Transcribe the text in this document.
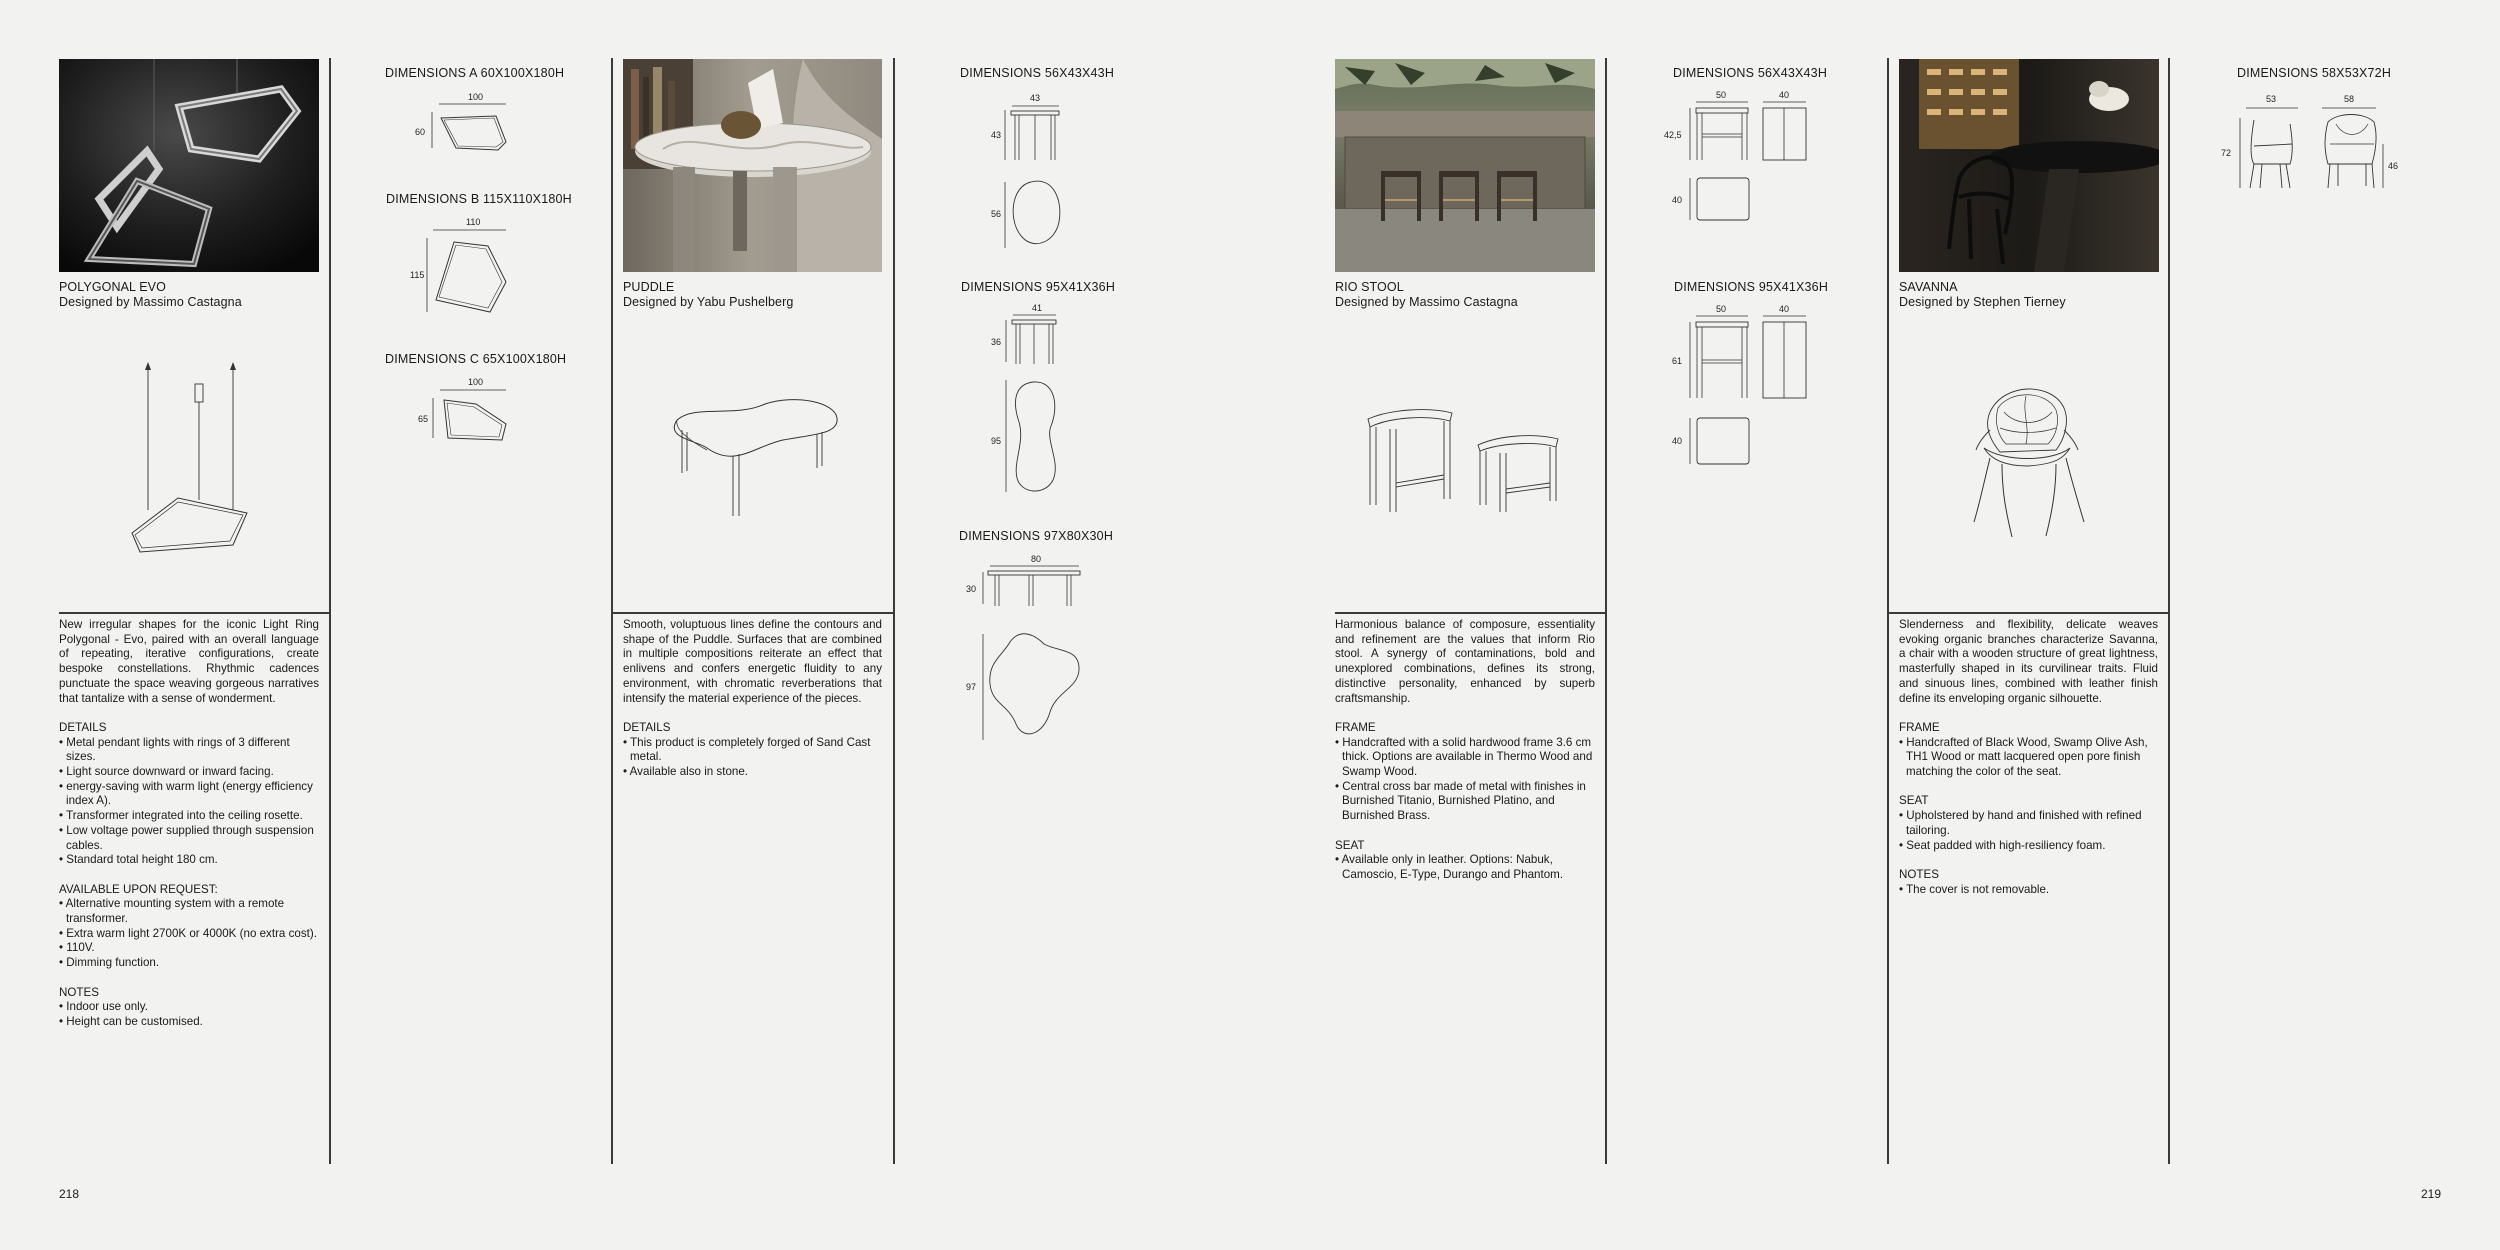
POLYGONAL EVO
Designed by Massimo Castagna

New irregular shapes for the iconic Light Ring Polygonal - Evo, paired with an overall language of repeating, iterative configurations, create bespoke constellations. Rhythmic cadences punctuate the space weaving gorgeous narratives that tantalize with a sense of wonderment.

DETAILS
• Metal pendant lights with rings of 3 different sizes.
• Light source downward or inward facing.
• energy-saving with warm light (energy efficiency index A).
• Transformer integrated into the ceiling rosette.
• Low voltage power supplied through suspension cables.
• Standard total height 180 cm.
AVAILABLE UPON REQUEST:
• Alternative mounting system with a remote transformer.
• Extra warm light 2700K or 4000K (no extra cost).
• 110V.
• Dimming function.
NOTES
• Indoor use only.
• Height can be customised.
DIMENSIONS A 60X100X180H
100
60
DIMENSIONS B 115X110X180H
110
115
DIMENSIONS C 65X100X180H
100
65
PUDDLE
Designed by Yabu Pushelberg

Smooth, voluptuous lines define the contours and shape of the Puddle. Surfaces that are combined in multiple compositions reiterate an effect that enlivens and confers energetic fluidity to any environment, with chromatic reverberations that intensify the material experience of the pieces.

DETAILS
• This product is completely forged of Sand Cast metal.
• Available also in stone.
DIMENSIONS 56X43X43H
43
43
56
DIMENSIONS 95X41X36H
41
36
95
DIMENSIONS 97X80X30H
80
30
97
RIO STOOL
Designed by Massimo Castagna

Harmonious balance of composure, essentiality and refinement are the values that inform Rio stool. A synergy of contaminations, bold and unexplored combinations, defines its strong, distinctive personality, enhanced by superb craftsmanship.

FRAME
• Handcrafted with a solid hardwood frame 3.6 cm thick. Options are available in Thermo Wood and Swamp Wood.
• Central cross bar made of metal with finishes in Burnished Titanio, Burnished Platino, and Burnished Brass.
SEAT
• Available only in leather. Options: Nabuk, Camoscio, E-Type, Durango and Phantom.
DIMENSIONS 56X43X43H
50	40
42,5
40
DIMENSIONS 95X41X36H
50	40
61
40
SAVANNA
Designed by Stephen Tierney

Slenderness and flexibility, delicate weaves evoking organic branches characterize Savanna, a chair with a wooden structure of great lightness, masterfully shaped in its curvilinear traits. Fluid and sinuous lines, combined with leather finish define its enveloping organic silhouette.

FRAME
• Handcrafted of Black Wood, Swamp Olive Ash, TH1 Wood or matt lacquered open pore finish matching the color of the seat.
SEAT
• Upholstered by hand and finished with refined tailoring.
• Seat padded with high-resiliency foam.
NOTES
• The cover is not removable.
DIMENSIONS 58X53X72H
53	58
72
46
218	219
